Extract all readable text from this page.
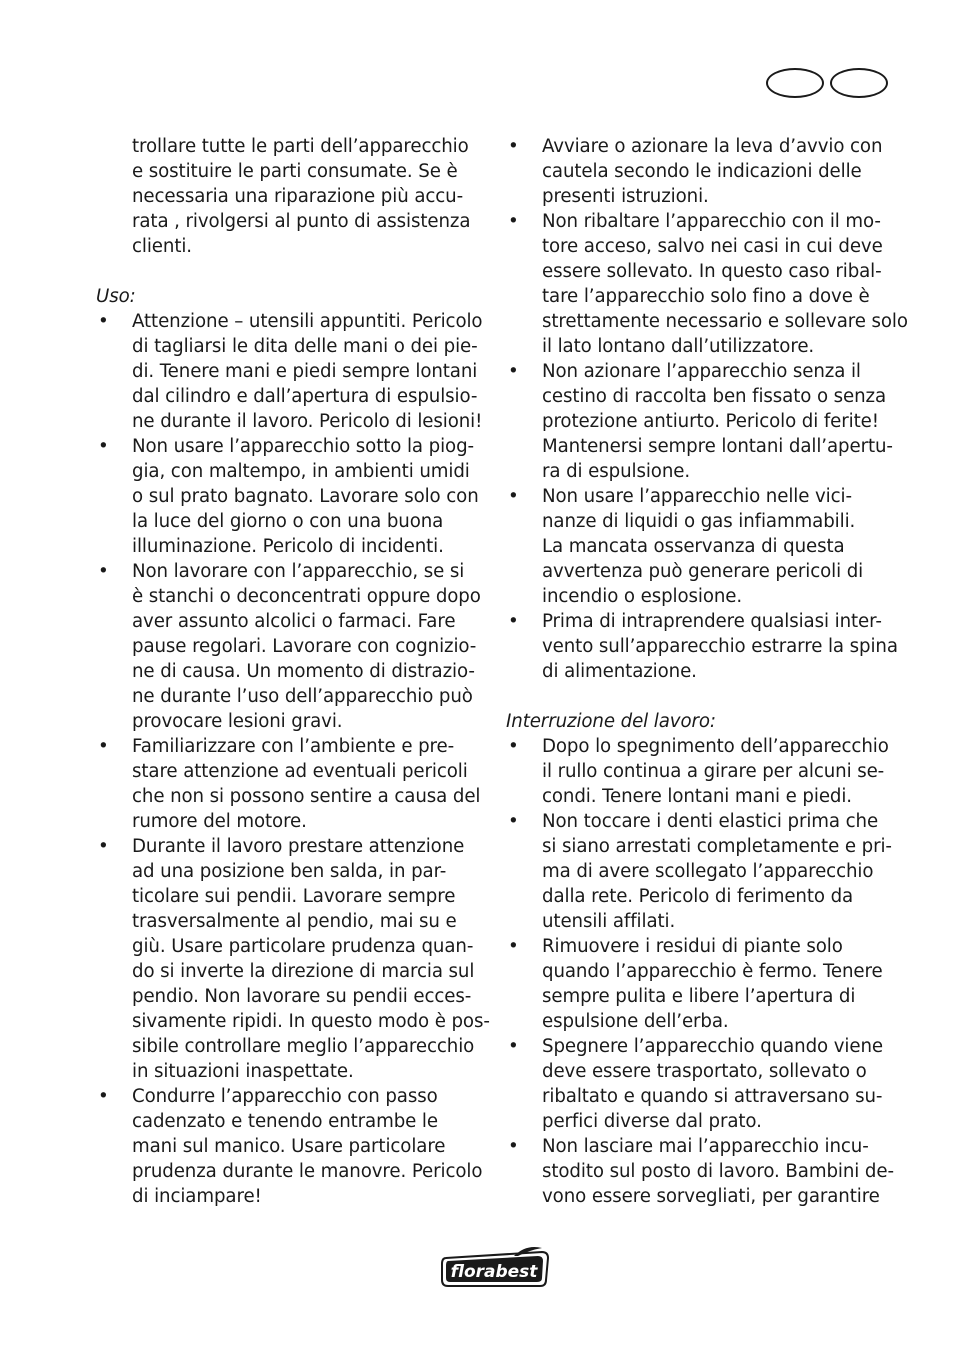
trollare tutte le parti dell’apparecchio
e sostituire le parti consumate. Se è
necessaria una riparazione più accu-
rata , rivolgersi al punto di assistenza
clienti.

Uso:

• Attenzione – utensili appuntiti. Pericolo
di tagliarsi le dita delle mani o dei pie-
di. Tenere mani e piedi sempre lontani
dal cilindro e dall’apertura di espulsio-
ne durante il lavoro. Pericolo di lesioni!
• Non usare l’apparecchio sotto la piog-
gia, con maltempo, in ambienti umidi
o sul prato bagnato. Lavorare solo con
la luce del giorno o con una buona
illuminazione. Pericolo di incidenti.
• Non lavorare con l’apparecchio, se si
è stanchi o deconcentrati oppure dopo
aver assunto alcolici o farmaci. Fare
pause regolari. Lavorare con cognizio-
ne di causa. Un momento di distrazio-
ne durante l’uso dell’apparecchio può
provocare lesioni gravi.
• Familiarizzare con l’ambiente e pre-
stare attenzione ad eventuali pericoli
che non si possono sentire a causa del
rumore del motore.
• Durante il lavoro prestare attenzione
ad una posizione ben salda, in par-
ticolare sui pendii. Lavorare sempre
trasversalmente al pendio, mai su e
giù. Usare particolare prudenza quan-
do si inverte la direzione di marcia sul
pendio. Non lavorare su pendii ecces-
sivamente ripidi. In questo modo è pos-
sibile controllare meglio l’apparecchio
in situazioni inaspettate.
• Condurre l’apparecchio con passo
cadenzato e tenendo entrambe le
mani sul manico. Usare particolare
prudenza durante le manovre. Pericolo
di inciampare!
• Avviare o azionare la leva d’avvio con
cautela secondo le indicazioni delle
presenti istruzioni.
• Non ribaltare l’apparecchio con il mo-
tore acceso, salvo nei casi in cui deve
essere sollevato. In questo caso ribal-
tare l’apparecchio solo fino a dove è
strettamente necessario e sollevare solo
il lato lontano dall’utilizzatore.
• Non azionare l’apparecchio senza il
cestino di raccolta ben fissato o senza
protezione antiurto. Pericolo di ferite!
Mantenersi sempre lontani dall’apertu-
ra di espulsione.
• Non usare l’apparecchio nelle vici-
nanze di liquidi o gas infiammabili.
La mancata osservanza di questa
avvertenza può generare pericoli di
incendio o esplosione.
• Prima di intraprendere qualsiasi inter-
vento sull’apparecchio estrarre la spina
di alimentazione.

Interruzione del lavoro:

• Dopo lo spegnimento dell’apparecchio
il rullo continua a girare per alcuni se-
condi. Tenere lontani mani e piedi.
• Non toccare i denti elastici prima che
si siano arrestati completamente e pri-
ma di avere scollegato l’apparecchio
dalla rete. Pericolo di ferimento da
utensili affilati.
• Rimuovere i residui di piante solo
quando l’apparecchio è fermo. Tenere
sempre pulita e libere l’apertura di
espulsione dell’erba.
• Spegnere l’apparecchio quando viene
deve essere trasportato, sollevato o
ribaltato e quando si attraversano su-
perfici diverse dal prato.
• Non lasciare mai l’apparecchio incu-
stodito sul posto di lavoro. Bambini de-
vono essere sorvegliati, per garantire
florabest
